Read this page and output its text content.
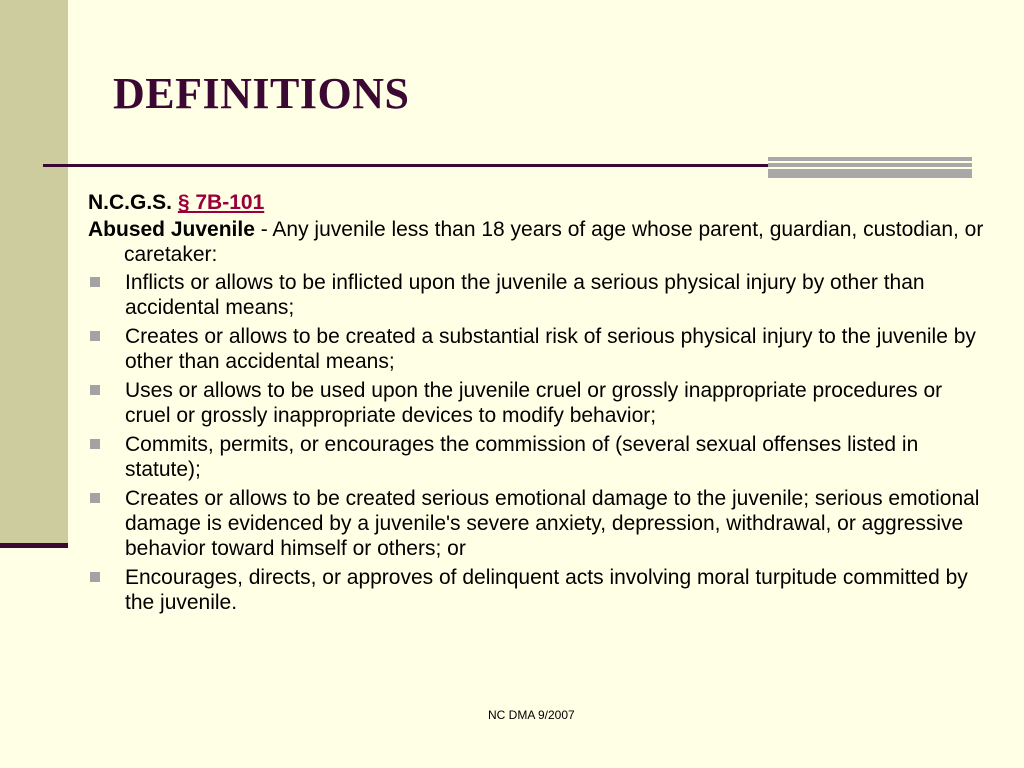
DEFINITIONS

N.C.G.S. § 7B-101

Abused Juvenile - Any juvenile less than 18 years of age whose parent, guardian, custodian, or caretaker:

Inflicts or allows to be inflicted upon the juvenile a serious physical injury by other than accidental means;
Creates or allows to be created a substantial risk of serious physical injury to the juvenile by other than accidental means;
Uses or allows to be used upon the juvenile cruel or grossly inappropriate procedures or cruel or grossly inappropriate devices to modify behavior;
Commits, permits, or encourages the commission of (several sexual offenses listed in statute);
Creates or allows to be created serious emotional damage to the juvenile; serious emotional damage is evidenced by a juvenile's severe anxiety, depression, withdrawal, or aggressive behavior toward himself or others; or
Encourages, directs, or approves of delinquent acts involving moral turpitude committed by the juvenile.
NC DMA 9/2007
